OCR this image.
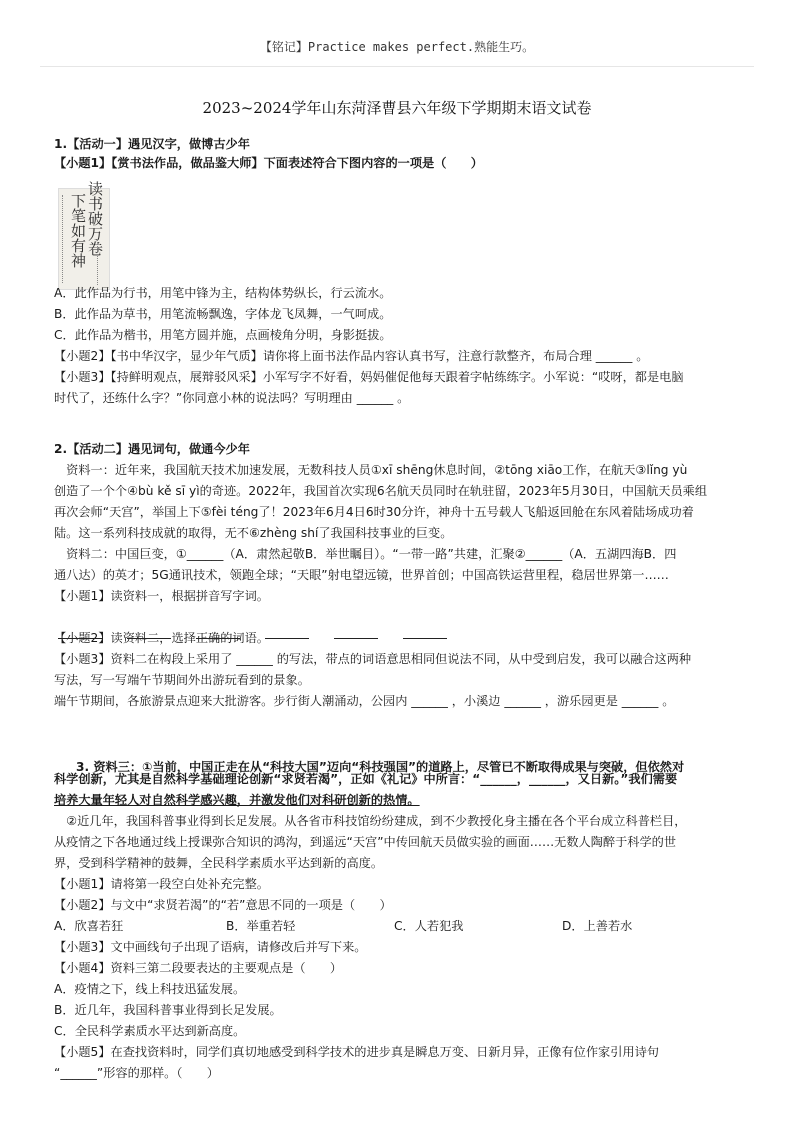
【铭记】Practice makes perfect.熟能生巧。
2023~2024学年山东菏泽曹县六年级下学期期末语文试卷
下笔如有神 读书破万卷
1.【活动一】遇见汉字，做博古少年
【小题1】【赏书法作品，做品鉴大师】下面表述符合下图内容的一项是（　　）
A．此作品为行书，用笔中锋为主，结构体势纵长，行云流水。
B．此作品为草书，用笔流畅飘逸，字体龙飞凤舞，一气呵成。
C．此作品为楷书，用笔方圆并施，点画棱角分明，身影挺拔。
【小题2】【书中华汉字，显少年气质】请你将上面书法作品内容认真书写，注意行款整齐，布局合理 ______ 。
【小题3】【持鲜明观点，展辩驳风采】小军写字不好看，妈妈催促他每天跟着字帖练练字。小军说：“哎呀，都是电脑
时代了，还练什么字？”你同意小林的说法吗？写明理由 ______ 。
2.【活动二】遇见词句，做通今少年
　资料一：近年来，我国航天技术加速发展，无数科技人员①xī shēng休息时间，②tōng xiāo工作，在航天③lǐng yù
创造了一个个④bù kě sī yì的奇迹。2022年，我国首次实现6名航天员同时在轨驻留，2023年5月30日，中国航天员乘组
再次会师“天宫”，举国上下⑤fèi téng了！2023年6月4日6时30分许，神舟十五号载人飞船返回舱在东风着陆场成功着
陆。这一系列科技成就的取得，无不⑥zhèng shí了我国科技事业的巨变。
　资料二：中国巨变，①______（A．肃然起敬B．举世瞩目）。“一带一路”共建，汇聚②______（A．五湖四海B．四
通八达）的英才；5G通讯技术，领跑全球；“天眼”射电望远镜，世界首创；中国高铁运营里程，稳居世界第一……
【小题1】读资料一，根据拼音写字词。
【小题2】读资料二，选择正确的词语。
【小题3】资料二在构段上采用了 ______ 的写法，带点的词语意思相同但说法不同，从中受到启发，我可以融合这两种
写法，写一写端午节期间外出游玩看到的景象。
端午节期间，各旅游景点迎来大批游客。步行街人潮涌动，公园内 ______ ，小溪边 ______ ，游乐园更是 ______ 。
科学创新，尤其是自然科学基础理论创新“求贤若渴”，正如《礼记》中所言：“______，______，又日新。”我们需要
培养大量年轻人对自然科学感兴趣，并激发他们对科研创新的热情。
　②近几年，我国科普事业得到长足发展。从各省市科技馆纷纷建成，到不少教授化身主播在各个平台成立科普栏目，
从疫情之下各地通过线上授课弥合知识的鸿沟，到遥远“天宫”中传回航天员做实验的画面……无数人陶醉于科学的世
界，受到科学精神的鼓舞，全民科学素质水平达到新的高度。
【小题1】请将第一段空白处补充完整。
【小题2】与文中“求贤若渴”的“若”意思不同的一项是（　　）
【小题3】文中画线句子出现了语病，请修改后并写下来。
【小题4】资料三第二段要表达的主要观点是（　　）
A．疫情之下，线上科技迅猛发展。
B．近几年，我国科普事业得到长足发展。
C．全民科学素质水平达到新高度。
【小题5】在查找资料时，同学们真切地感受到科学技术的进步真是瞬息万变、日新月异，正像有位作家引用诗句
“______”形容的那样。（　　）
3. 资料三：①当前，中国正走在从“科技大国”迈向“科技强国”的道路上，尽管已不断取得成果与突破，但依然对

A．欣喜若狂	B．举重若轻	C．人若犯我	D．上善若水
